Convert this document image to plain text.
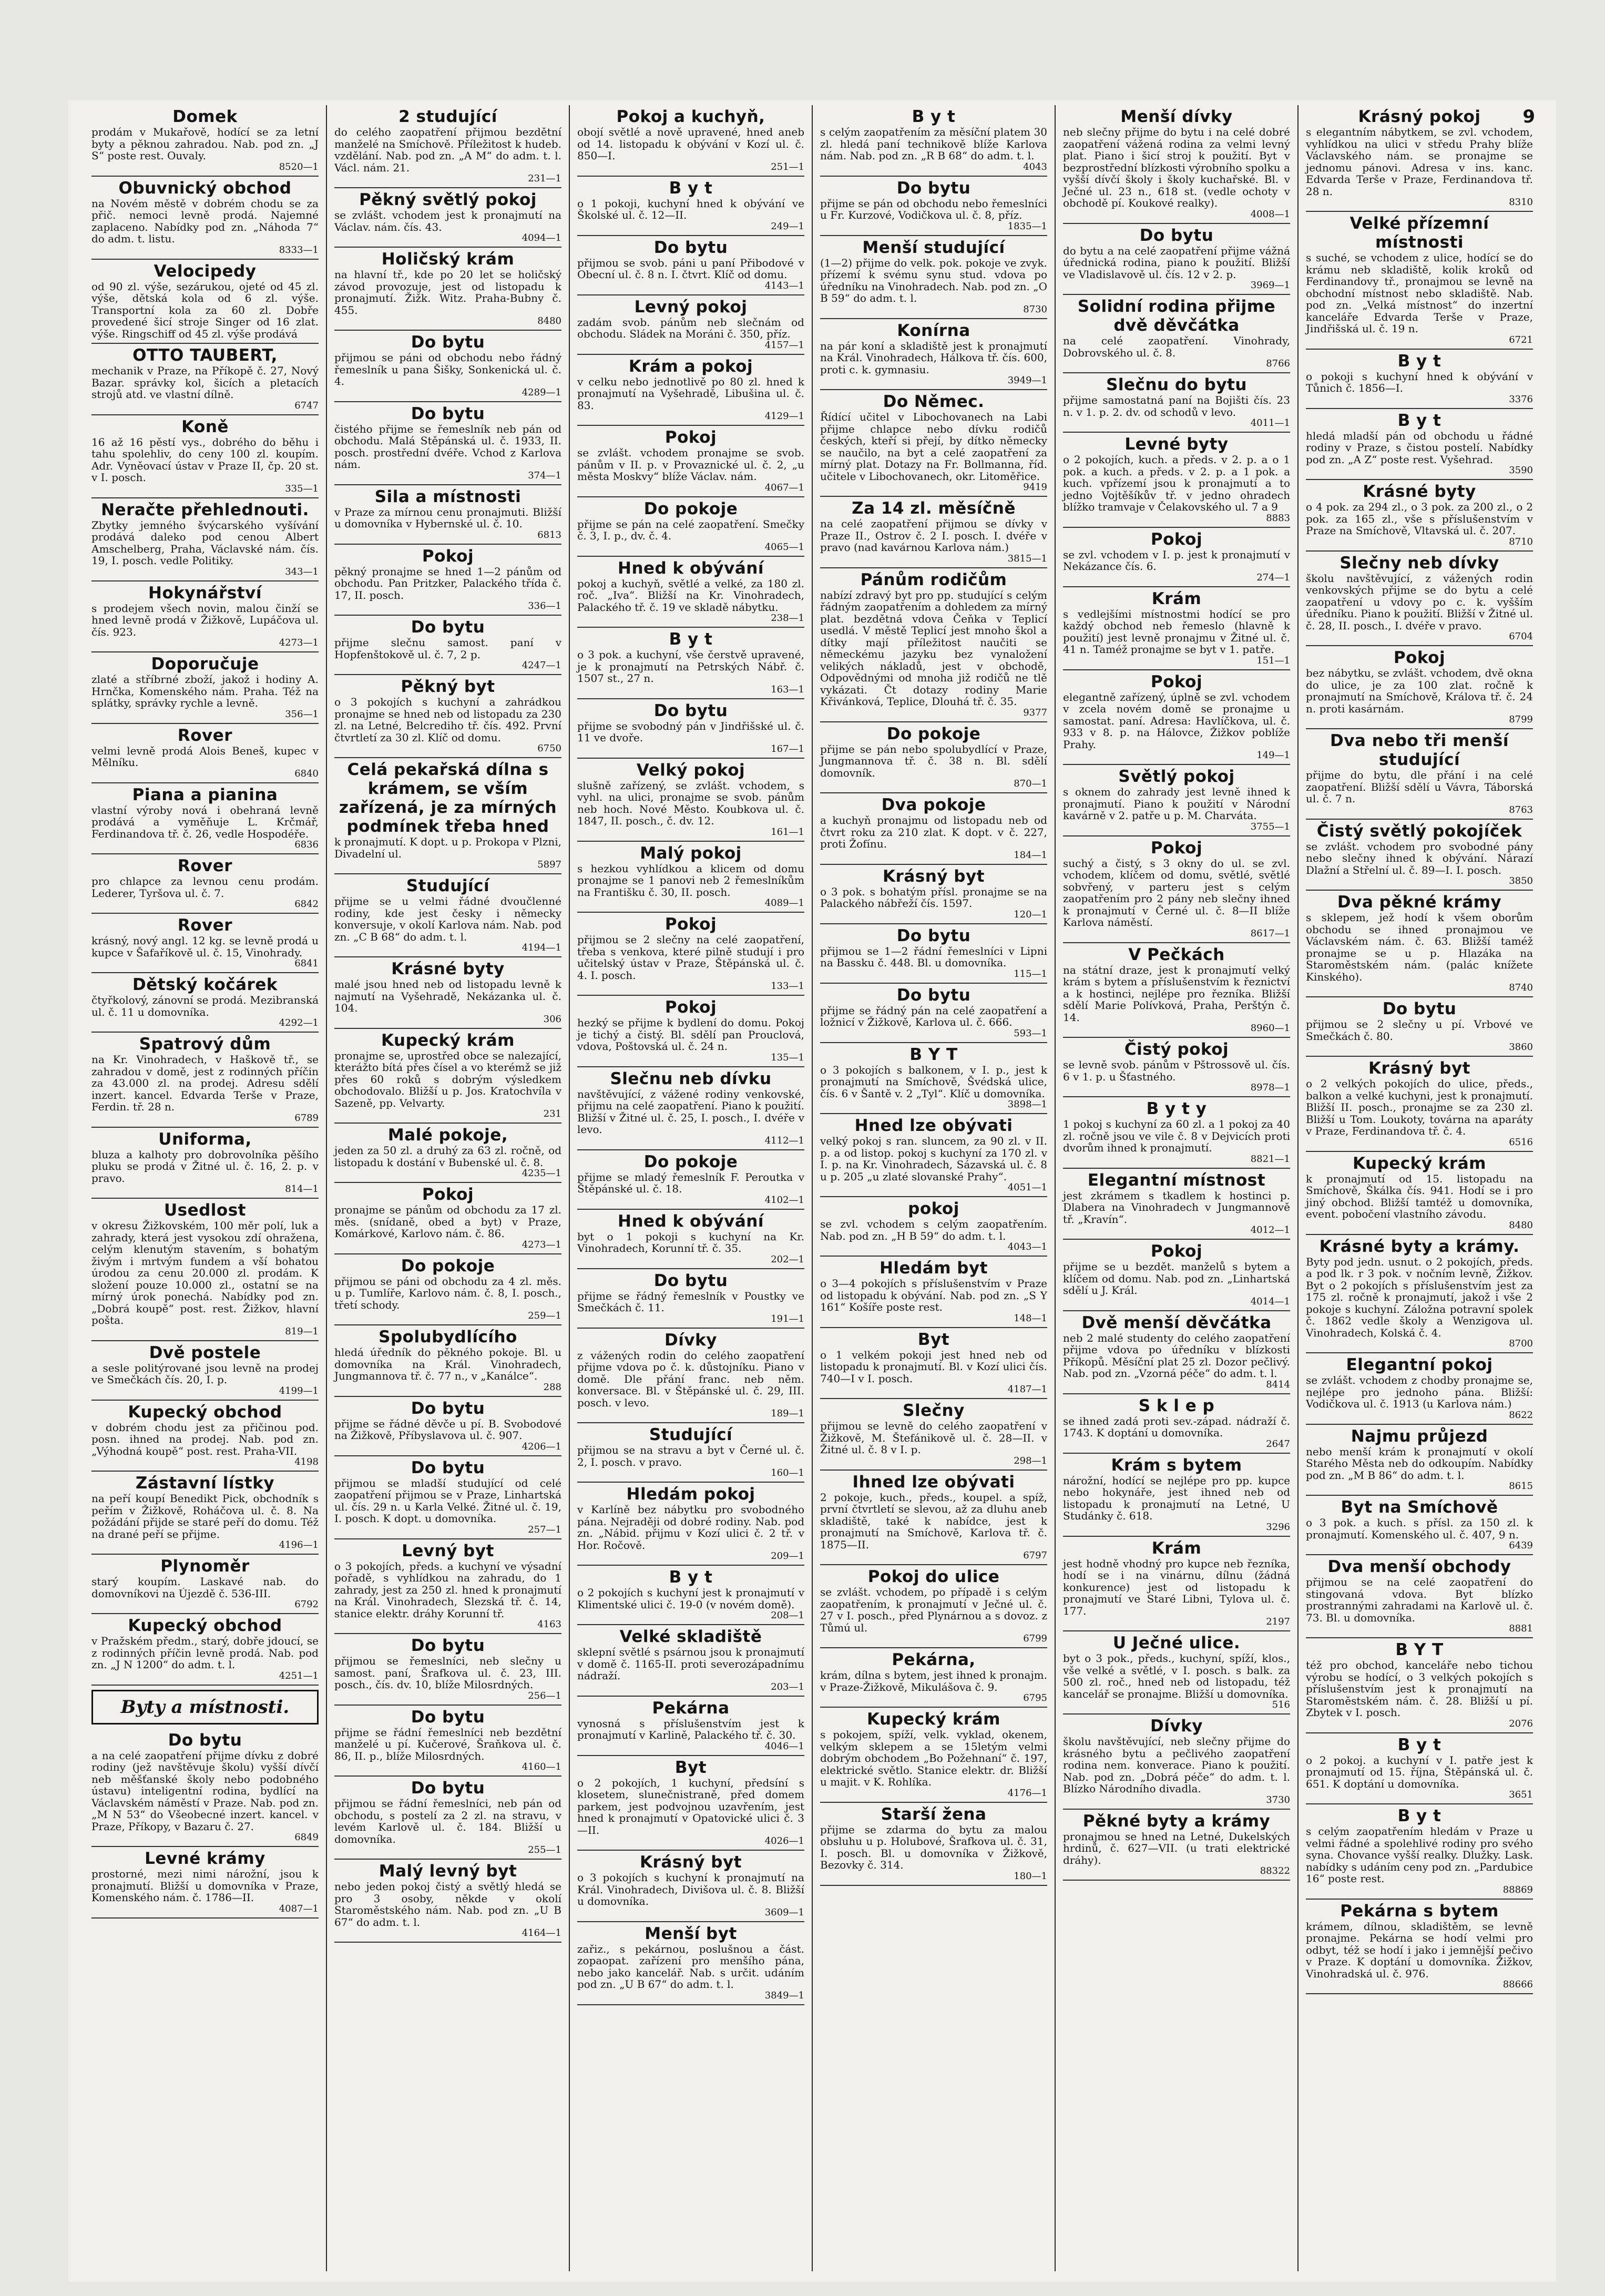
9
Domek

prodám v Mukařově, hodící se za letní byty a pěknou zahradou. Nab. pod zn. „J S“ poste rest. Ouvaly.

8520—1
Obuvnický obchod

na Novém městě v dobrém chodu se za přič. nemoci levně prodá. Najemné zaplaceno. Nabídky pod zn. „Náhoda 7“ do adm. t. listu.

8333—1
Velocipedy

od 90 zl. výše, sezárukou, ojeté od 45 zl. výše, dětská kola od 6 zl. výše. Transportní kola za 60 zl. Dobře provedené šicí stroje Singer od 16 zlat. výše. Ringschiff od 45 zl. výše prodává

OTTO TAUBERT,

mechanik v Praze, na Příkopě č. 27, Nový Bazar. správky kol, šicích a pletacích strojů atd. ve vlastní dílně.

6747
Koně

16 až 16 pěstí vys., dobrého do běhu i tahu spolehliv, do ceny 100 zl. koupím. Adr. Vyněovací ústav v Praze II, čp. 20 st. v I. posch.

335—1
Neračte přehlednouti.

Zbytky jemného švýcarského vyšívání prodává daleko pod cenou Albert Amschelberg, Praha, Václavské nám. čís. 19, I. posch. vedle Politiky.

343—1
Hokynářství

s prodejem všech novin, malou činží se hned levně prodá v Žižkově, Lupáčova ul. čís. 923.

4273—1
Doporučuje

zlaté a stříbrné zboží, jakož i hodiny A. Hrnčka, Komenského nám. Praha. Též na splátky, správky rychle a levně.

356—1
Rover

velmi levně prodá Alois Beneš, kupec v Mělníku.

6840
Piana a pianina

vlastní výroby nová i obehraná levně prodává a vyměňuje L. Krčmář, Ferdinandova tř. č. 26, vedle Hospodéře.

6836
Rover

pro chlapce za levnou cenu prodám. Lederer, Tyršova ul. č. 7.

6842
Rover

krásný, nový angl. 12 kg. se levně prodá u kupce v Šafaříkově ul. č. 15, Vinohrady.

6841
Dětský kočárek

čtyřkolový, zánovní se prodá. Mezibranská ul. č. 11 u domovníka.

4292—1
Spatrový dům

na Kr. Vinohradech, v Haškově tř., se zahradou v domě, jest z rodinných příčin za 43.000 zl. na prodej. Adresu sdělí inzert. kancel. Edvarda Terše v Praze, Ferdin. tř. 28 n.

6789
Uniforma,

bluza a kalhoty pro dobrovolníka pěšího pluku se prodá v Žitné ul. č. 16, 2. p. v pravo.

814—1
Usedlost

v okresu Žižkovském, 100 měr polí, luk a zahrady, která jest vysokou zdí ohražena, celým klenutým stavením, s bohatým živým i mrtvým fundem a vší bohatou úrodou za cenu 20.000 zl. prodám. K složení pouze 10.000 zl., ostatní se na mírný úrok ponechá. Nabídky pod zn. „Dobrá koupě“ post. rest. Žižkov, hlavní pošta.

819—1
Dvě postele

a sesle politýrované jsou levně na prodej ve Smečkách čís. 20, I. p.

4199—1
Kupecký obchod

v dobrém chodu jest za přičinou pod. posn. ihned na prodej. Nab. pod zn. „Výhodná koupě“ post. rest. Praha-VII.

4198
Zástavní lístky

na peří koupí Benedikt Pick, obchodník s peřím v Žižkově, Roháčova ul. č. 8. Na požádání přijde se staré peří do domu. Též na drané peří se přijme.

4196—1
Plynoměr

starý koupím. Laskavé nab. do domovníkovi na Újezdě č. 536-III.

6792
Kupecký obchod

v Pražském předm., starý, dobře jdoucí, se z rodinných příčin levně prodá. Nab. pod zn. „J N 1200“ do adm. t. l.

4251—1
Byty a místnosti.
Do bytu

a na celé zaopatření přijme dívku z dobré rodiny (jež navštěvuje školu) vyšší dívčí neb měšťanské školy nebo podobného ústavu) inteligentní rodina, bydlící na Václavském náměstí v Praze. Nab. pod zn. „M N 53“ do Všeobecné inzert. kancel. v Praze, Příkopy, v Bazaru č. 27.

6849
Levné krámy

prostorné, mezi nimi nárožní, jsou k pronajmutí. Bližší u domovníka v Praze, Komenského nám. č. 1786—II.

4087—1
2 studující

do celého zaopatření přijmou bezdětní manželé na Smíchově. Příležitost k hudeb. vzdělání. Nab. pod zn. „A M“ do adm. t. l. Václ. nám. 21.

231—1
Pěkný světlý pokoj

se zvlášt. vchodem jest k pronajmutí na Václav. nám. čís. 43.

4094—1
Holičský krám

na hlavní tř., kde po 20 let se holičský závod provozuje, jest od listopadu k pronajmutí. Žižk. Witz. Praha-Bubny č. 455.

8480
Do bytu

přijmou se páni od obchodu nebo řádný řemeslník u pana Šišky, Sonkenická ul. č. 4.

4289—1
Do bytu

čistého přijme se řemeslník neb pán od obchodu. Malá Stěpánská ul. č. 1933, II. posch. prostřední dvéře. Vchod z Karlova nám.

374—1
Sila a místnosti

v Praze za mírnou cenu pronajmuti. Bližší u domovníka v Hybernské ul. č. 10.

6813
Pokoj

pěkný pronajme se hned 1—2 pánům od obchodu. Pan Pritzker, Palackého třída č. 17, II. posch.

336—1
Do bytu

přijme slečnu samost. paní v Hopfenštokově ul. č. 7, 2 p.

4247—1
Pěkný byt

o 3 pokojích s kuchyní a zahrádkou pronajme se hned neb od listopadu za 230 zl. na Letné, Belcrediho tř. čís. 492. První čtvrtletí za 30 zl. Klíč od domu.

6750
Celá pekařská dílna s krámem, se vším zařízená, je za mírných podmínek třeba hned

k pronajmutí. K dopt. u p. Prokopa v Plzni, Divadelní ul.

5897
Studující

přijme se u velmi řádné dvoučlenné rodiny, kde jest česky i německy konversuje, v okolí Karlova nám. Nab. pod zn. „C B 68“ do adm. t. l.

4194—1
Krásné byty

malé jsou hned neb od listopadu levně k najmutí na Vyšehradě, Nekázanka ul. č. 104.

306
Kupecký krám

pronajme se, uprostřed obce se nalezající, kterážto bítá přes čísel a vo kterémž se již přes 60 roků s dobrým výsledkem obchodovalo. Bližší u p. Jos. Kratochvíla v Sazeně, pp. Velvarty.

231
Malé pokoje,

jeden za 50 zl. a druhý za 63 zl. ročně, od listopadu k dostání v Bubenské ul. č. 8.

4235—1
Pokoj

pronajme se pánům od obchodu za 17 zl. měs. (snídaně, obed a byt) v Praze, Komárkové, Karlovo nám. č. 86.

4273—1
Do pokoje

přijmou se páni od obchodu za 4 zl. měs. u p. Tumlíře, Karlovo nám. č. 8, I. posch., třetí schody.

259—1
Spolubydlícího

hledá úředník do pěkného pokoje. Bl. u domovníka na Král. Vinohradech, Jungmannova tř. č. 77 n., v „Kanálce“.

288
Do bytu

přijme se řádné děvče u pí. B. Svobodové na Žižkově, Příbyslavova ul. č. 907.

4206—1
Do bytu

přijmou se mladší studující od celé zaopatření přijmou se v Praze, Linhartská ul. čís. 29 n. u Karla Velké. Žitné ul. č. 19, I. posch. K dopt. u domovníka.

257—1
Levný byt

o 3 pokojích, předs. a kuchyní ve výsadní pořadě, s vyhlídkou na zahradu, do 1 zahrady, jest za 250 zl. hned k pronajmutí na Král. Vinohradech, Slezská tř. č. 14, stanice elektr. dráhy Korunní tř.

4163
Do bytu

přijmou se řemeslníci, neb slečny u samost. paní, Šrafkova ul. č. 23, III. posch., čís. dv. 10, blíže Milosrdných.

256—1
Do bytu

přijme se řádní řemeslníci neb bezdětní manželé u pí. Kučerové, Šraňkova ul. č. 86, II. p., blíže Milosrdných.

4160—1
Do bytu

přijmou se řádní řemeslníci, neb pán od obchodu, s postelí za 2 zl. na stravu, v levém Karlově ul. č. 184. Bližší u domovníka.

255—1
Malý levný byt

nebo jeden pokoj čistý a světlý hledá se pro 3 osoby, někde v okolí Staroměstského nám. Nab. pod zn. „U B 67“ do adm. t. l.

4164—1
Pokoj a kuchyň,

obojí světlé a nově upravené, hned aneb od 14. listopadu k obývání v Kozí ul. č. 850—I.

251—1
B y t

o 1 pokoji, kuchyní hned k obývání ve Školské ul. č. 12—II.

249—1
Do bytu

přijmou se svob. páni u paní Přibodové v Obecní ul. č. 8 n. I. čtvrt. Klíč od domu.

4143—1
Levný pokoj

zadám svob. pánům neb slečnám od obchodu. Sládek na Moráni č. 350, příz.

4157—1
Krám a pokoj

v celku nebo jednotlivě po 80 zl. hned k pronajmutí na Vyšehradě, Libušina ul. č. 83.

4129—1
Pokoj

se zvlášt. vchodem pronajme se svob. pánům v II. p. v Provaznické ul. č. 2, „u města Moskvy“ blíže Václav. nám.

4067—1
Do pokoje

přijme se pán na celé zaopatření. Smečky č. 3, I. p., dv. č. 4.

4065—1
Hned k obývání

pokoj a kuchyň, světlé a velké, za 180 zl. roč. „Iva“. Bližší na Kr. Vinohradech, Palackého tř. č. 19 ve skladě nábytku.

238—1
B y t

o 3 pok. a kuchyní, vše čerstvě upravené, je k pronajmutí na Petrských Nábř. č. 1507 st., 27 n.

163—1
Do bytu

přijme se svobodný pán v Jindřišské ul. č. 11 ve dvoře.

167—1
Velký pokoj

slušně zařízený, se zvlášt. vchodem, s vyhl. na ulici, pronajme se svob. pánům neb hoch. Nové Město. Koubkova ul. č. 1847, II. posch., č. dv. 12.

161—1
Malý pokoj

s hezkou vyhlídkou a klicem od domu pronajme se 1 panovi neb 2 řemeslníkům na Františku č. 30, II. posch.

4089—1
Pokoj

přijmou se 2 slečny na celé zaopatření, třeba s venkova, které pilně studují i pro učitelský ústav v Praze, Štěpánská ul. č. 4. I. posch.

133—1
Pokoj

hezký se přijme k bydlení do domu. Pokoj je tichý a čistý. Bl. sdělí pan Prouclová, vdova, Poštovská ul. č. 24 n.

135—1
Slečnu neb dívku

navštěvující, z vážené rodiny venkovské, přijmu na celé zaopatření. Piano k použití. Bližší v Žitné ul. č. 25, I. posch., I. dvéře v levo.

4112—1
Do pokoje

přijme se mladý řemeslník F. Peroutka v Štěpánské ul. č. 18.

4102—1
Hned k obývání

byt o 1 pokoji s kuchyní na Kr. Vinohradech, Korunní tř. č. 35.

202—1
Do bytu

přijme se řádný řemeslník v Poustky ve Smečkách č. 11.

191—1
Dívky

z vážených rodin do celého zaopatření přijme vdova po č. k. důstojníku. Piano v domě. Dle přání franc. neb něm. konversace. Bl. v Štěpánské ul. č. 29, III. posch. v levo.

189—1
Studující

přijmou se na stravu a byt v Černé ul. č. 2, I. posch. v pravo.

160—1
Hledám pokoj

v Karlíně bez nábytku pro svobodného pána. Nejraději od dobré rodiny. Nab. pod zn. „Nábid. přijmu v Kozí ulici č. 2 tř. v Hor. Ročově.

209—1
B y t

o 2 pokojích s kuchyní jest k pronajmutí v Klimentské ulici č. 19-0 (v novém domě).

208—1
Velké skladiště

sklepní světlé s psárnou jsou k pronajmutí v domě č. 1165-II. proti severozápadnímu nádraží.

203—1
Pekárna

vynosná s příslušenstvím jest k pronajmutí v Karlině, Palackého tř. č. 30.

4046—1
Byt

o 2 pokojích, 1 kuchyní, předsíní s klosetem, slunečnistraně, před domem parkem, jest podvojnou uzavřením, jest hned k pronajmutí v Opatovické ulici č. 3—II.

4026—1
Krásný byt

o 3 pokojích s kuchyní k pronajmutí na Král. Vinohradech, Divišova ul. č. 8. Bližší u domovníka.

3609—1
Menší byt

zařiz., s pekárnou, poslušnou a část. zopaopat. zařízení pro menšího pána, nebo jako kancelář. Nab. s určit. udáním pod zn. „U B 67“ do adm. t. l.

3849—1
B y t

s celým zaopatřením za měsíční platem 30 zl. hledá paní technikově blíže Karlova nám. Nab. pod zn. „R B 68“ do adm. t. l.

4043
Do bytu

přijme se pán od obchodu nebo řemeslníci u Fr. Kurzové, Vodičkova ul. č. 8, příz.

1835—1
Menší studující

(1—2) přijme do velk. pok. pokoje ve zvyk. přízemí k svému synu stud. vdova po úředníku na Vinohradech. Nab. pod zn. „O B 59“ do adm. t. l.

8730
Konírna

na pár koní a skladiště jest k pronajmutí na Král. Vinohradech, Hálkova tř. čís. 600, proti c. k. gymnasiu.

3949—1
Do Němec.

Řídící učitel v Libochovanech na Labi přijme chlapce nebo dívku rodičů českých, kteří si přejí, by dítko německy se naučilo, na byt a celé zaopatření za mírný plat. Dotazy na Fr. Bollmanna, říd. učitele v Libochovanech, okr. Litoměřice.

9419
Za 14 zl. měsíčně

na celé zaopatření přijmou se dívky v Praze II., Ostrov č. 2 I. posch. I. dvéře v pravo (nad kavárnou Karlova nám.)

3815—1
Pánům rodičům

nabízí zdravý byt pro pp. studující s celým řádným zaopatřením a dohledem za mírný plat. bezdětná vdova Čeňka v Teplicí usedlá. V městě Teplicí jest mnoho škol a dítky mají příležitost naučiti se německému jazyku bez vynaložení velikých nákladů, jest v obchodě, Odpovědnými od mnoha již rodičů ne tlě vykázati. Čt dotazy rodiny Marie Křivánková, Teplice, Dlouhá tř. č. 35.

9377
Do pokoje

přijme se pán nebo spolubydlící v Praze, Jungmannova tř. č. 38 n. Bl. sdělí domovník.

870—1
Dva pokoje

a kuchyň pronajmu od listopadu neb od čtvrt roku za 210 zlat. K dopt. v č. 227, proti Žofínu.

184—1
Krásný byt

o 3 pok. s bohatým přísl. pronajme se na Palackého nábřeží čís. 1597.

120—1
Do bytu

přijmou se 1—2 řádní řemeslníci v Lipni na Bassku č. 448. Bl. u domovníka.

115—1
Do bytu

přijme se řádný pán na celé zaopatření a ložnicí v Žižkově, Karlova ul. č. 666.

593—1
B Y T

o 3 pokojích s balkonem, v I. p., jest k pronajmutí na Smíchově, Švédská ulice, čís. 6 v Šantě v. 2 „Tyl“. Klíč u domovníka.

3898—1
Hned lze obývati

velký pokoj s ran. sluncem, za 90 zl. v II. p. a od listop. pokoj s kuchyní za 170 zl. v I. p. na Kr. Vinohradech, Sázavská ul. č. 8 u p. 205 „u zlaté slovanské Prahy“.

4051—1
pokoj

se zvl. vchodem s celým zaopatřením. Nab. pod zn. „H B 59“ do adm. t. l.

4043—1
Hledám byt

o 3—4 pokojích s příslušenstvím v Praze od listopadu k obývání. Nab. pod zn. „S Y 161“ Košíře poste rest.

148—1
Byt

o 1 velkém pokoji jest hned neb od listopadu k pronajmutí. Bl. v Kozí ulici čís. 740—I v I. posch.

4187—1
Slečny

přijmou se levně do celého zaopatření v Žižkově, M. Štefánikově ul. č. 28—II. v Žitné ul. č. 8 v I. p.

298—1
Ihned lze obývati

2 pokoje, kuch., předs., koupel. a spíž, první čtvrtletí se slevou, až za dluhu aneb skladiště, také k nabídce, jest k pronajmutí na Smíchově, Karlova tř. č. 1875—II.

6797
Pokoj do ulice

se zvlášt. vchodem, po případě i s celým zaopatřením, k pronajmutí v Ječné ul. č. 27 v I. posch., před Plynárnou a s dovoz. z Tůmú ul.

6799
Pekárna,

krám, dílna s bytem, jest ihned k pronajm. v Praze-Žižkově, Mikulášova č. 9.

6795
Kupecký krám

s pokojem, spíží, velk. vyklad, okenem, velkým sklepem a se 15letým velmi dobrým obchodem „Bo Požehnaní“ č. 197, elektrické světlo. Stanice elektr. dr. Bližší u majit. v K. Rohlíka.

4176—1
Starší žena

přijme se zdarma do bytu za malou obsluhu u p. Holubové, Šrafkova ul. č. 31, I. posch. Bl. u domovníka v Žižkově, Bezovky č. 314.

180—1
Menší dívky

neb slečny přijme do bytu i na celé dobré zaopatření vážená rodina za velmi levný plat. Piano i šicí stroj k použití. Byt v bezprostřední blízkosti výrobního spolku a vyšší dívčí školy i školy kuchařské. Bl. v Ječné ul. 23 n., 618 st. (vedle ochoty v obchodě pí. Koukové realky).

4008—1
Do bytu

do bytu a na celé zaopatření přijme vážná úřednická rodina, piano k použití. Bližší ve Vladislavově ul. čís. 12 v 2. p.

3969—1
Solidní rodina přijme dvě děvčátka

na celé zaopatření. Vinohrady, Dobrovského ul. č. 8.

8766
Slečnu do bytu

přijme samostatná paní na Bojišti čís. 23 n. v 1. p. 2. dv. od schodů v levo.

4011—1
Levné byty

o 2 pokojích, kuch. a předs. v 2. p. a o 1 pok. a kuch. a předs. v 2. p. a 1 pok. a kuch. vpřízemí jsou k pronajmutí a to jedno Vojtěšíkův tř. v jedno ohradech blížko tramvaje v Čelakovského ul. 7 a 9

8883
Pokoj

se zvl. vchodem v I. p. jest k pronajmutí v Nekázance čís. 6.

274—1
Krám

s vedlejšími místnostmi hodící se pro každý obchod neb řemeslo (hlavně k použití) jest levně pronajmu v Žitné ul. č. 41 n. Taméž pronajme se byt v 1. patře.

151—1
Pokoj

elegantně zařízený, úplně se zvl. vchodem v zcela novém domě se pronajme u samostat. paní. Adresa: Havlíčkova, ul. č. 933 v 8. p. na Hálovce, Žižkov poblíže Prahy.

149—1
Světlý pokoj

s oknem do zahrady jest levně ihned k pronajmutí. Piano k použití v Národní kavárně v 2. patře u p. M. Charváta.

3755—1
Pokoj

suchý a čistý, s 3 okny do ul. se zvl. vchodem, klíčem od domu, světlé, světlé sobvřený, v parteru jest s celým zaopatřením pro 2 pány neb slečny ihned k pronajmutí v Černé ul. č. 8—II blíže Karlova náměstí.

8617—1
V Pečkách

na státní draze, jest k pronajmutí velký krám s bytem a příslušenstvím k řeznictví a k hostinci, nejlépe pro řezníka. Bližší sdělí Marie Polívková, Praha, Perštýn č. 14.

8960—1
Čistý pokoj

se levně svob. pánům v Pštrossově ul. čís. 6 v 1. p. u Šťastného.

8978—1
B y t y

1 pokoj s kuchyní za 60 zl. a 1 pokoj za 40 zl. ročně jsou ve vile č. 8 v Dejvicích proti dvorům ihned k pronajmutí.

8821—1
Elegantní místnost

jest zkrámem s tkadlem k hostinci p. Dlabera na Vinohradech v Jungmannově tř. „Kravín“.

4012—1
Pokoj

přijme se u bezdět. manželů s bytem a klíčem od domu. Nab. pod zn. „Linhartská sdělí u J. Král.

4014—1
Dvě menší děvčátka

neb 2 malé studenty do celého zaopatření přijme vdova po úředníku v blízkosti Příkopů. Měsíční plat 25 zl. Dozor pečlivý. Nab. pod zn. „Vzorná péče“ do adm. t. l.

8414
S k l e p

se ihned zadá proti sev.-západ. nádraží č. 1743. K doptání u domovníka.

2647
Krám s bytem

nárožní, hodící se nejlépe pro pp. kupce nebo hokynáře, jest ihned neb od listopadu k pronajmutí na Letné, U Studánky č. 618.

3296
Krám

jest hodně vhodný pro kupce neb řezníka, hodí se i na vinárnu, dílnu (žádná konkurence) jest od listopadu k pronajmutí ve Staré Libni, Tylova ul. č. 177.

2197
U Ječné ulice.

byt o 3 pok., předs., kuchyní, spíží, klos., vše velké a světlé, v I. posch. s balk. za 500 zl. roč., hned neb od listopadu, též kancelář se pronajme. Bližší u domovníka.

516
Dívky

školu navštěvující, neb slečny přijme do krásného bytu a pečlivého zaopatření rodina nem. konverace. Piano k použití. Nab. pod zn. „Dobrá péče“ do adm. t. l. Blízko Národního divadla.

3730
Pěkné byty a krámy

pronajmou se hned na Letné, Dukelských hrdinů, č. 627—VII. (u trati elektrické dráhy).

88322
Krásný pokoj

s elegantním nábytkem, se zvl. vchodem, vyhlídkou na ulici v středu Prahy blíže Václavského nám. se pronajme se jednomu pánovi. Adresa v ins. kanc. Edvarda Terše v Praze, Ferdinandova tř. 28 n.

8310
Velké přízemní místnosti

s suché, se vchodem z ulice, hodící se do krámu neb skladiště, kolik kroků od Ferdinandovy tř., pronajmou se levně na obchodní místnost nebo skladiště. Nab. pod zn. „Velká místnost“ do inzertní kanceláře Edvarda Terše v Praze, Jindřišská ul. č. 19 n.

6721
B y t

o pokoji s kuchyní hned k obývání v Tůnich č. 1856—I.

3376
B y t

hledá mladší pán od obchodu u řádné rodiny v Praze, s čistou postelí. Nabídky pod zn. „A Z“ poste rest. Vyšehrad.

3590
Krásné byty

o 4 pok. za 294 zl., o 3 pok. za 200 zl., o 2 pok. za 165 zl., vše s příslušenstvím v Praze na Smíchově, Vltavská ul. č. 207.

8710
Slečny neb dívky

školu navštěvující, z vážených rodin venkovských přijme se do bytu a celé zaopatření u vdovy po c. k. vyšším úředníku. Piano k použití. Bližší v Žitné ul. č. 28, II. posch., I. dvéře v pravo.

6704
Pokoj

bez nábytku, se zvlášt. vchodem, dvě okna do ulice, je za 100 zlat. ročně k pronajmutí na Smíchově, Králova tř. č. 24 n. proti kasárnám.

8799
Dva nebo tři menší studující

přijme do bytu, dle přání i na celé zaopatření. Bližší sdělí u Vávra, Táborská ul. č. 7 n.

8763
Čistý světlý pokojíček

se zvlášt. vchodem pro svobodné pány nebo slečny ihned k obývání. Nárazí Dlažní a Střelní ul. č. 89—I. I. posch.

3850
Dva pěkné krámy

s sklepem, jež hodí k všem oborům obchodu se ihned pronajmou ve Václavském nám. č. 63. Bližší taméž pronajme se u p. Hlazáka na Staroměstském nám. (palác knížete Kinského).

8740
Do bytu

přijmou se 2 slečny u pí. Vrbové ve Smečkách č. 80.

3860
Krásný byt

o 2 velkých pokojích do ulice, předs., balkon a velké kuchyni, jest k pronajmutí. Bližší II. posch., pronajme se za 230 zl. Bližší u Tom. Loukoty, továrna na aparáty v Praze, Ferdinandova tř. č. 4.

6516
Kupecký krám

k pronajmutí od 15. listopadu na Smíchově, Škálka čís. 941. Hodí se i pro jiný obchod. Bližší tamtéž u domovníka, event. pobočení vlastního závodu.

8480
Krásné byty a krámy.

Byty pod jedn. usnut. o 2 pokojích, předs. a pod lk. r 3 pok. v nočním levně, Žižkov. Byt o 2 pokojích s příslušenstvím jest za 175 zl. ročně k pronajmutí, jakož i vše 2 pokoje s kuchyní. Záložna potravní spolek č. 1862 vedle školy a Wenzigova ul. Vinohradech, Kolská č. 4.

8700
Elegantní pokoj

se zvlášt. vchodem z chodby pronajme se, nejlépe pro jednoho pána. Bližší: Vodičkova ul. č. 1913 (u Karlova nám.)

8622
Najmu průjezd

nebo menší krám k pronajmutí v okolí Starého Města neb do odkoupím. Nabídky pod zn. „M B 86“ do adm. t. l.

8615
Byt na Smíchově

o 3 pok. a kuch. s přísl. za 150 zl. k pronajmutí. Komenského ul. č. 407, 9 n.

6439
Dva menší obchody

přijmou se na celé zaopatření do stingovaná vdova. Byt blízko prostrannými zahradami na Karlově ul. č. 73. Bl. u domovníka.

8881
B Y T

též pro obchod, kanceláře nebo tichou výrobu se hodící, o 3 velkých pokojích s příslušenstvím jest k pronajmutí na Staroměstském nám. č. 28. Bližší u pí. Zbytek v I. posch.

2076
B y t

o 2 pokoj. a kuchyní v I. patře jest k pronajmutí od 15. října, Štěpánská ul. č. 651. K doptání u domovníka.

3651
B y t

s celým zaopatřením hledám v Praze u velmi řádné a spolehlivé rodiny pro svého syna. Chovance vyšší realky. Dlužky. Lask. nabídky s udáním ceny pod zn. „Pardubice 16“ poste rest.

88869
Pekárna s bytem

krámem, dílnou, skladištěm, se levně pronajme. Pekárna se hodí velmi pro odbyt, též se hodí i jako i jemnější pečivo v Praze. K doptání u domovníka. Žižkov, Vinohradská ul. č. 976.

88666
